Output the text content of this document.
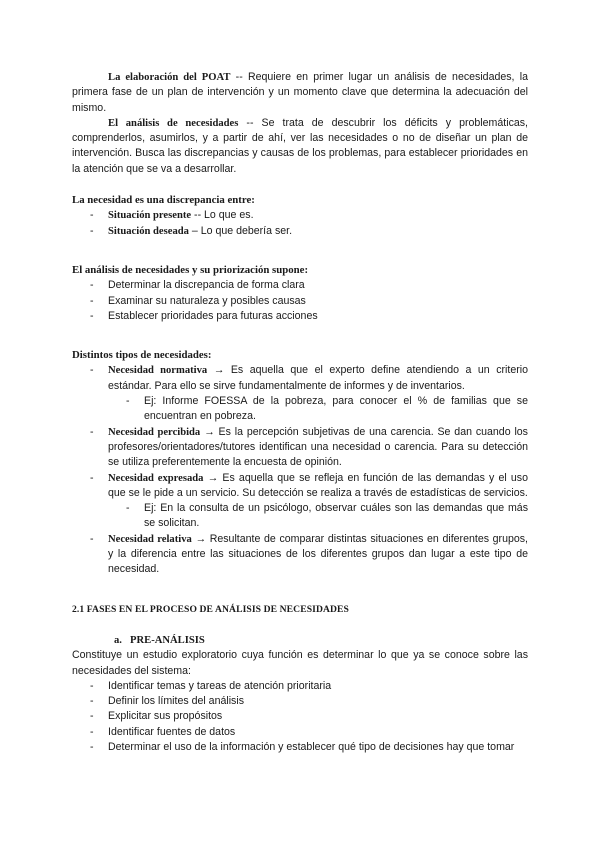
La elaboración del POAT -- Requiere en primer lugar un análisis de necesidades, la primera fase de un plan de intervención y un momento clave que determina la adecuación del mismo.

El análisis de necesidades -- Se trata de descubrir los déficits y problemáticas, comprenderlos, asumirlos, y a partir de ahí, ver las necesidades o no de diseñar un plan de intervención. Busca las discrepancias y causas de los problemas, para establecer prioridades en la atención que se va a desarrollar.

La necesidad es una discrepancia entre:

- Situación presente -- Lo que es.
- Situación deseada – Lo que debería ser.

El análisis de necesidades y su priorización supone:

- Determinar la discrepancia de forma clara
- Examinar su naturaleza y posibles causas
- Establecer prioridades para futuras acciones

Distintos tipos de necesidades:

- Necesidad normativa → Es aquella que el experto define atendiendo a un criterio estándar. Para ello se sirve fundamentalmente de informes y de inventarios.
- Ej: Informe FOESSA de la pobreza, para conocer el % de familias que se encuentran en pobreza.
- Necesidad percibida → Es la percepción subjetivas de una carencia. Se dan cuando los profesores/orientadores/tutores identifican una necesidad o carencia. Para su detección se utiliza preferentemente la encuesta de opinión.
- Necesidad expresada → Es aquella que se refleja en función de las demandas y el uso que se le pide a un servicio. Su detección se realiza a través de estadísticas de servicios.
- Ej: En la consulta de un psicólogo, observar cuáles son las demandas que más se solicitan.
- Necesidad relativa → Resultante de comparar distintas situaciones en diferentes grupos, y la diferencia entre las situaciones de los diferentes grupos dan lugar a este tipo de necesidad.

2.1 FASES EN EL PROCESO DE ANÁLISIS DE NECESIDADES

a. PRE-ANÁLISIS

Constituye un estudio exploratorio cuya función es determinar lo que ya se conoce sobre las necesidades del sistema:

- Identificar temas y tareas de atención prioritaria
- Definir los límites del análisis
- Explicitar sus propósitos
- Identificar fuentes de datos
- Determinar el uso de la información y establecer qué tipo de decisiones hay que tomar
